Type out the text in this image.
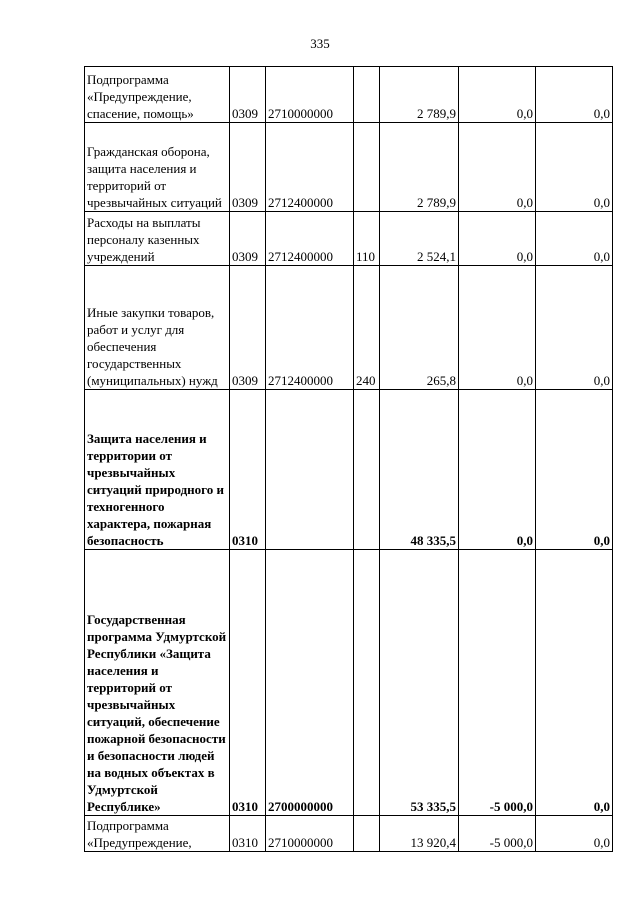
335
Подпрограмма «Предупреждение, спасение, помощь»	0309	2710000000		2 789,9	0,0	0,0
Гражданская оборона, защита населения и территорий от чрезвычайных ситуаций	0309	2712400000		2 789,9	0,0	0,0
Расходы на выплаты персоналу казенных учреждений	0309	2712400000	110	2 524,1	0,0	0,0
Иные закупки товаров, работ и услуг для обеспечения государственных (муниципальных) нужд	0309	2712400000	240	265,8	0,0	0,0
Защита населения и территории от чрезвычайных ситуаций природного и техногенного характера, пожарная безопасность	0310			48 335,5	0,0	0,0
Государственная программа Удмуртской Республики «Защита населения и территорий от чрезвычайных ситуаций, обеспечение пожарной безопасности и безопасности людей на водных объектах в Удмуртской Республике»	0310	2700000000		53 335,5	-5 000,0	0,0
Подпрограмма «Предупреждение,	0310	2710000000		13 920,4	-5 000,0	0,0
